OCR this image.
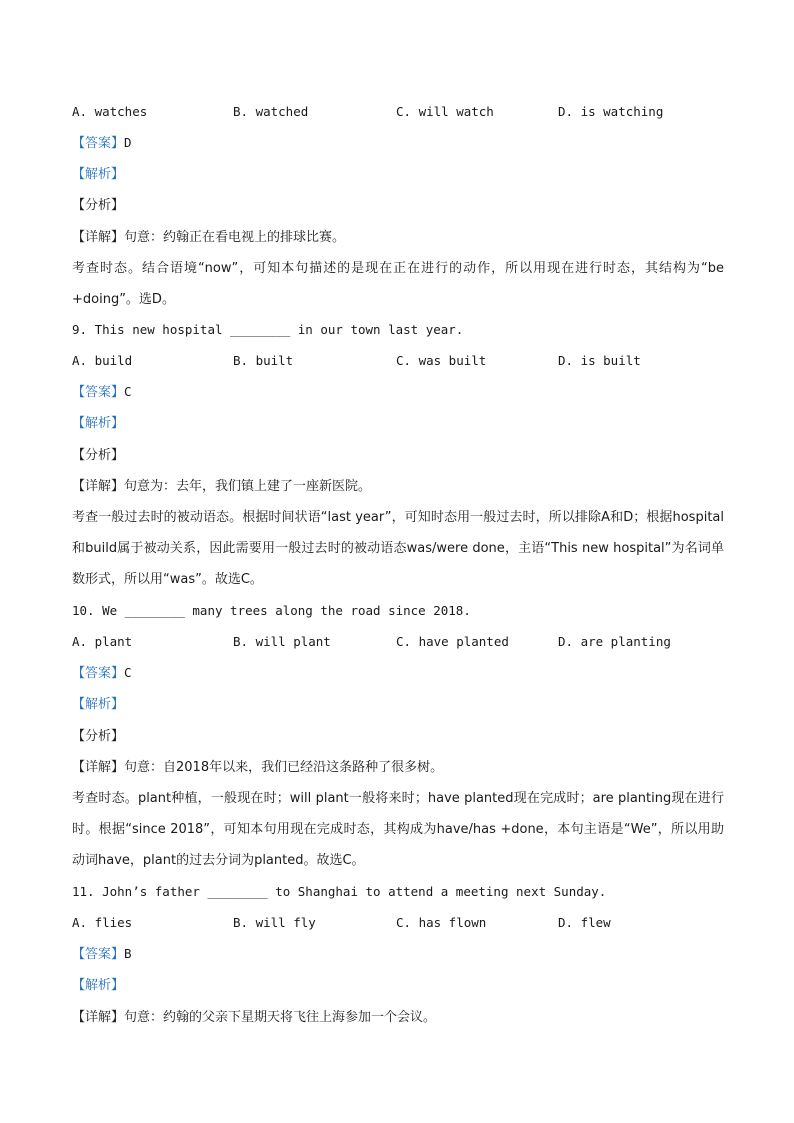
A. watches	B. watched	C. will watch	D. is watching
【答案】D
【解析】
【分析】
【详解】句意：约翰正在看电视上的排球比赛。
考查时态。结合语境“now”，可知本句描述的是现在正在进行的动作，所以用现在进行时态，其结构为“be +doing”。选D。
9. This new hospital ________ in our town last year.
A. build	B. built	C. was built	D. is built
【答案】C
【解析】
【分析】
【详解】句意为：去年，我们镇上建了一座新医院。
考查一般过去时的被动语态。根据时间状语“last year”，可知时态用一般过去时，所以排除A和D；根据hospital和build属于被动关系，因此需要用一般过去时的被动语态was/were done，主语“This new hospital”为名词单数形式，所以用“was”。故选C。
10. We ________ many trees along the road since 2018.
A. plant	B. will plant	C. have planted	D. are planting
【答案】C
【解析】
【分析】
【详解】句意：自2018年以来，我们已经沿这条路种了很多树。
考查时态。plant种植，一般现在时；will plant一般将来时；have planted现在完成时；are planting现在进行时。根据“since 2018”，可知本句用现在完成时态，其构成为have/has +done，本句主语是“We”，所以用助动词have，plant的过去分词为planted。故选C。
11. John’s father ________ to Shanghai to attend a meeting next Sunday.
A. flies	B. will fly	C. has flown	D. flew
【答案】B
【解析】
【详解】句意：约翰的父亲下星期天将飞往上海参加一个会议。
